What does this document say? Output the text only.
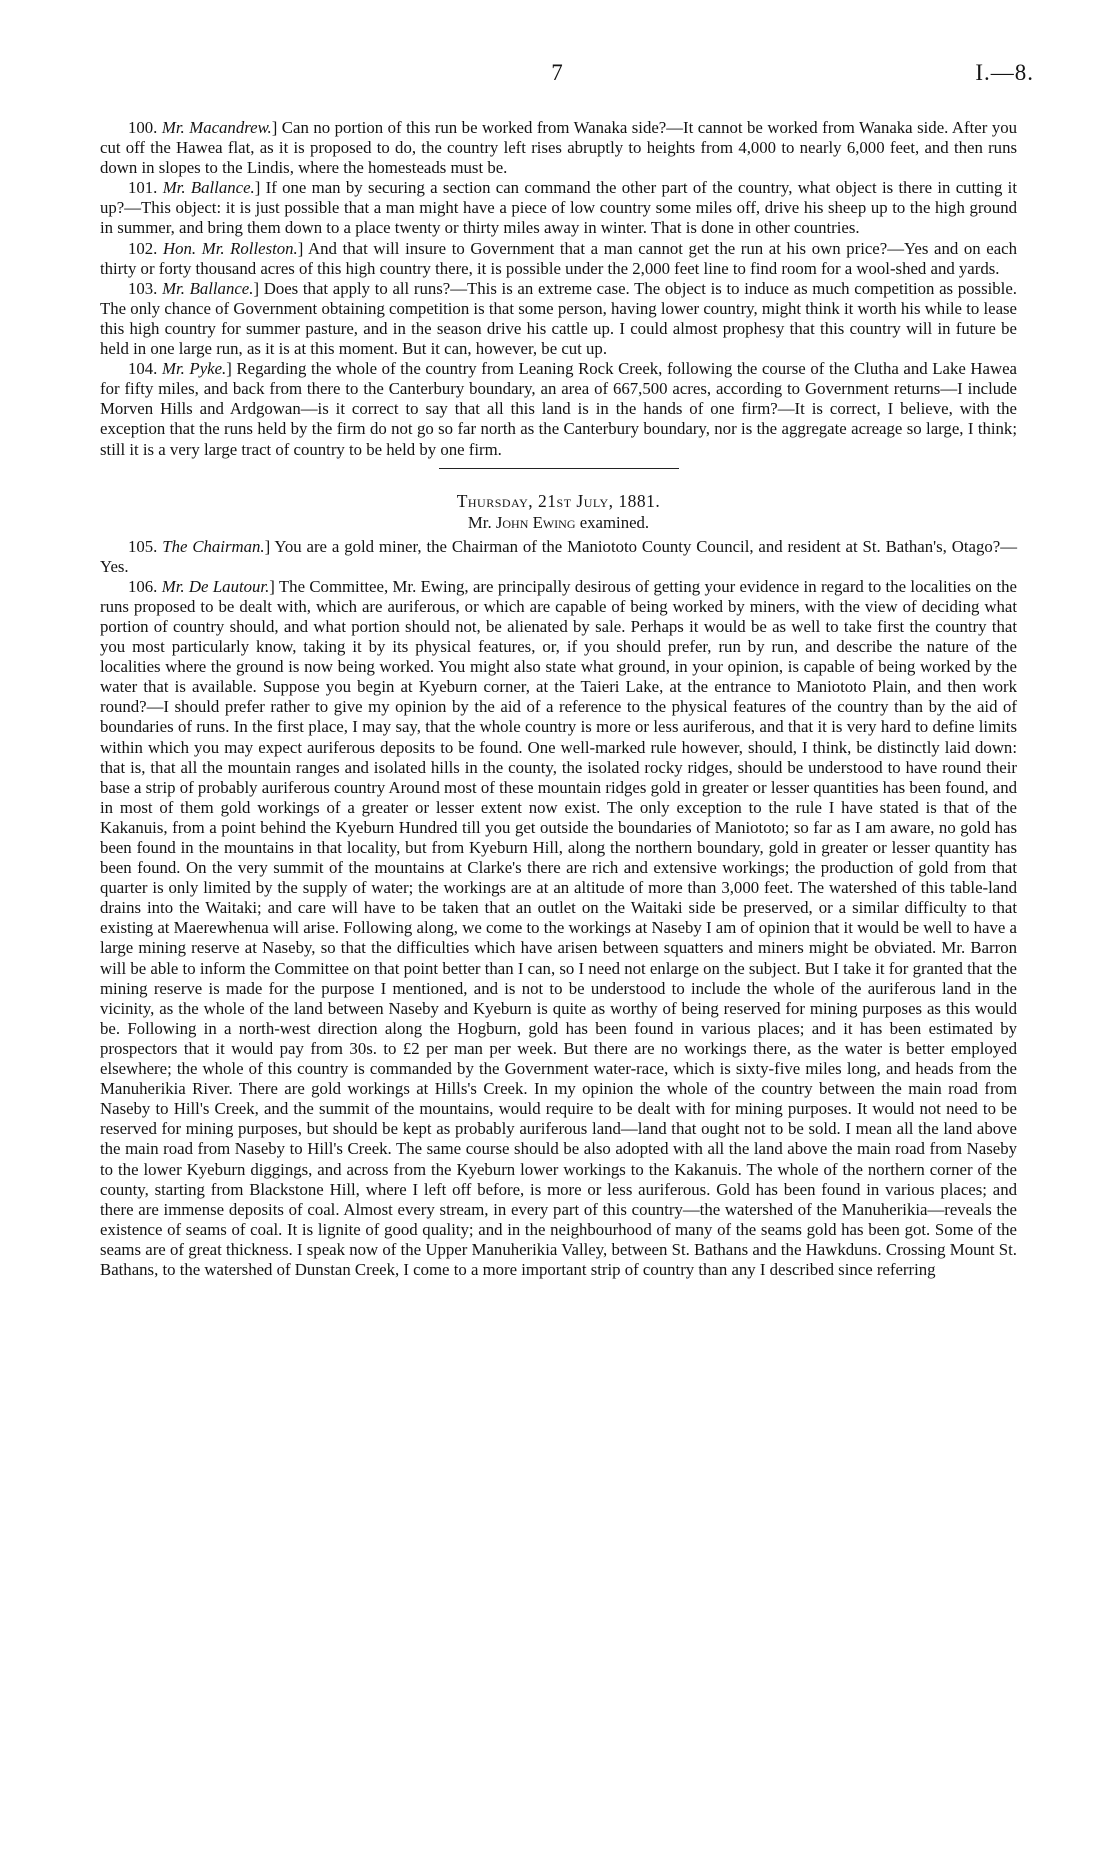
7	I.—8.

100. Mr. Macandrew.] Can no portion of this run be worked from Wanaka side?—It cannot be worked from Wanaka side. After you cut off the Hawea flat, as it is proposed to do, the country left rises abruptly to heights from 4,000 to nearly 6,000 feet, and then runs down in slopes to the Lindis, where the homesteads must be.

101. Mr. Ballance.] If one man by securing a section can command the other part of the country, what object is there in cutting it up?—This object: it is just possible that a man might have a piece of low country some miles off, drive his sheep up to the high ground in summer, and bring them down to a place twenty or thirty miles away in winter. That is done in other countries.

102. Hon. Mr. Rolleston.] And that will insure to Government that a man cannot get the run at his own price?—Yes and on each thirty or forty thousand acres of this high country there, it is possible under the 2,000 feet line to find room for a wool-shed and yards.

103. Mr. Ballance.] Does that apply to all runs?—This is an extreme case. The object is to induce as much competition as possible. The only chance of Government obtaining competition is that some person, having lower country, might think it worth his while to lease this high country for summer pasture, and in the season drive his cattle up. I could almost prophesy that this country will in future be held in one large run, as it is at this moment. But it can, however, be cut up.

104. Mr. Pyke.] Regarding the whole of the country from Leaning Rock Creek, following the course of the Clutha and Lake Hawea for fifty miles, and back from there to the Canterbury boundary, an area of 667,500 acres, according to Government returns—I include Morven Hills and Ardgowan—is it correct to say that all this land is in the hands of one firm?—It is correct, I believe, with the exception that the runs held by the firm do not go so far north as the Canterbury boundary, nor is the aggregate acreage so large, I think; still it is a very large tract of country to be held by one firm.

Thursday, 21st July, 1881.

Mr. John Ewing examined.

105. The Chairman.] You are a gold miner, the Chairman of the Maniototo County Council, and resident at St. Bathan's, Otago?—Yes.

106. Mr. De Lautour.] The Committee, Mr. Ewing, are principally desirous of getting your evidence in regard to the localities on the runs proposed to be dealt with, which are auriferous, or which are capable of being worked by miners, with the view of deciding what portion of country should, and what portion should not, be alienated by sale. Perhaps it would be as well to take first the country that you most particularly know, taking it by its physical features, or, if you should prefer, run by run, and describe the nature of the localities where the ground is now being worked. You might also state what ground, in your opinion, is capable of being worked by the water that is available. Suppose you begin at Kyeburn corner, at the Taieri Lake, at the entrance to Maniototo Plain, and then work round?—I should prefer rather to give my opinion by the aid of a reference to the physical features of the country than by the aid of boundaries of runs. In the first place, I may say, that the whole country is more or less auriferous, and that it is very hard to define limits within which you may expect auriferous deposits to be found. One well-marked rule however, should, I think, be distinctly laid down: that is, that all the mountain ranges and isolated hills in the county, the isolated rocky ridges, should be understood to have round their base a strip of probably auriferous country Around most of these mountain ridges gold in greater or lesser quantities has been found, and in most of them gold workings of a greater or lesser extent now exist. The only exception to the rule I have stated is that of the Kakanuis, from a point behind the Kyeburn Hundred till you get outside the boundaries of Maniototo; so far as I am aware, no gold has been found in the mountains in that locality, but from Kyeburn Hill, along the northern boundary, gold in greater or lesser quantity has been found. On the very summit of the mountains at Clarke's there are rich and extensive workings; the production of gold from that quarter is only limited by the supply of water; the workings are at an altitude of more than 3,000 feet. The watershed of this table-land drains into the Waitaki; and care will have to be taken that an outlet on the Waitaki side be preserved, or a similar difficulty to that existing at Maerewhenua will arise. Following along, we come to the workings at Naseby I am of opinion that it would be well to have a large mining reserve at Naseby, so that the difficulties which have arisen between squatters and miners might be obviated. Mr. Barron will be able to inform the Committee on that point better than I can, so I need not enlarge on the subject. But I take it for granted that the mining reserve is made for the purpose I mentioned, and is not to be understood to include the whole of the auriferous land in the vicinity, as the whole of the land between Naseby and Kyeburn is quite as worthy of being reserved for mining purposes as this would be. Following in a north-west direction along the Hogburn, gold has been found in various places; and it has been estimated by prospectors that it would pay from 30s. to £2 per man per week. But there are no workings there, as the water is better employed elsewhere; the whole of this country is commanded by the Government water-race, which is sixty-five miles long, and heads from the Manuherikia River. There are gold workings at Hills's Creek. In my opinion the whole of the country between the main road from Naseby to Hill's Creek, and the summit of the mountains, would require to be dealt with for mining purposes. It would not need to be reserved for mining purposes, but should be kept as probably auriferous land—land that ought not to be sold. I mean all the land above the main road from Naseby to Hill's Creek. The same course should be also adopted with all the land above the main road from Naseby to the lower Kyeburn diggings, and across from the Kyeburn lower workings to the Kakanuis. The whole of the northern corner of the county, starting from Blackstone Hill, where I left off before, is more or less auriferous. Gold has been found in various places; and there are immense deposits of coal. Almost every stream, in every part of this country—the watershed of the Manuherikia—reveals the existence of seams of coal. It is lignite of good quality; and in the neighbourhood of many of the seams gold has been got. Some of the seams are of great thickness. I speak now of the Upper Manuherikia Valley, between St. Bathans and the Hawkduns. Crossing Mount St. Bathans, to the watershed of Dunstan Creek, I come to a more important strip of country than any I described since referring
